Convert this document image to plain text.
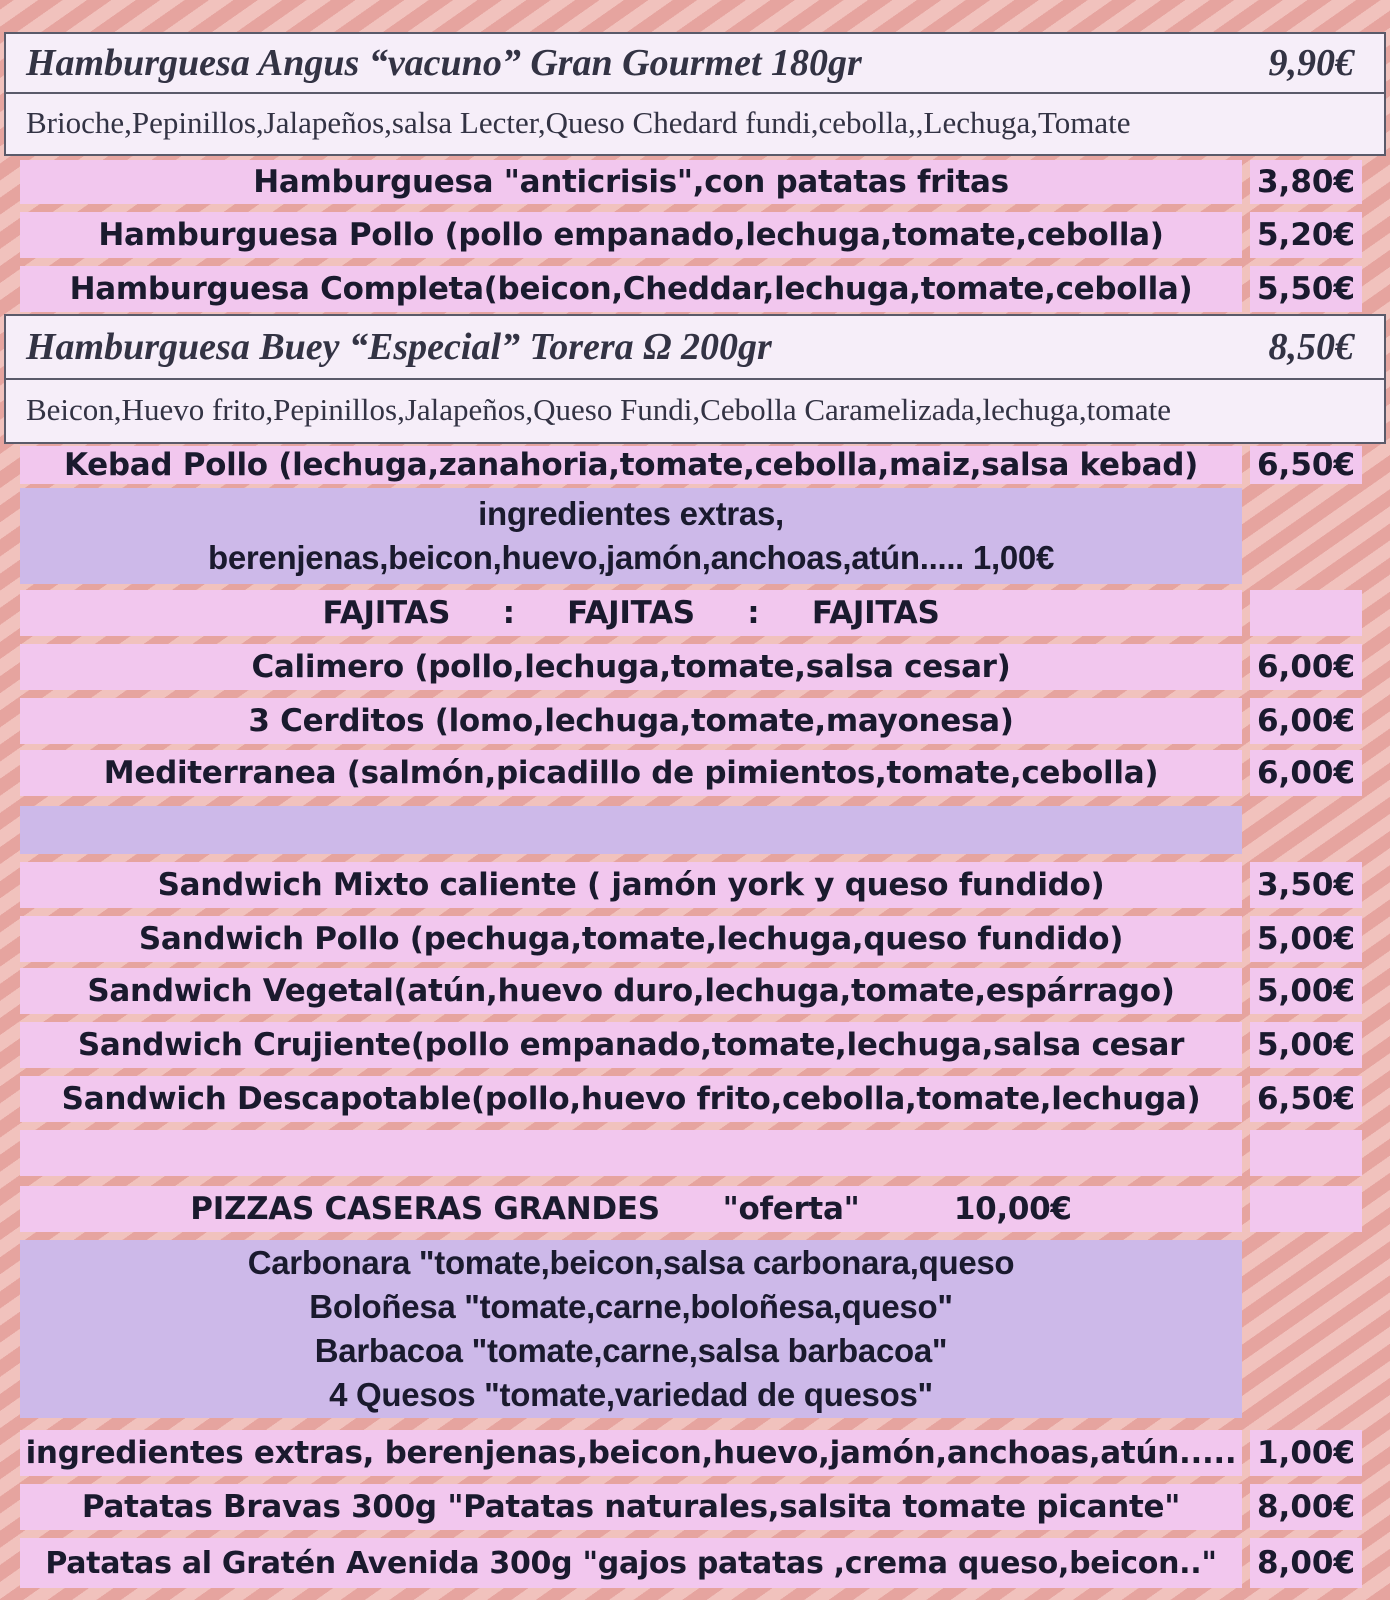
Hamburguesa Angus “vacuno” Gran Gourmet 180gr	9,90€
Brioche,Pepinillos,Jalapeños,salsa Lecter,Queso Chedard fundi,cebolla,,Lechuga,Tomate
Hamburguesa "anticrisis",con patatas fritas	3,80€
Hamburguesa Pollo (pollo empanado,lechuga,tomate,cebolla)	5,20€
Hamburguesa Completa(beicon,Cheddar,lechuga,tomate,cebolla)	5,50€
Hamburguesa Buey “Especial” Torera Ω 200gr	8,50€
Beicon,Huevo frito,Pepinillos,Jalapeños,Queso Fundi,Cebolla Caramelizada,lechuga,tomate
Kebad Pollo (lechuga,zanahoria,tomate,cebolla,maiz,salsa kebad)	6,50€
ingredientes extras,
berenjenas,beicon,huevo,jamón,anchoas,atún..... 1,00€
FAJITAS     :     FAJITAS     :     FAJITAS
Calimero (pollo,lechuga,tomate,salsa cesar)	6,00€
3 Cerditos (lomo,lechuga,tomate,mayonesa)	6,00€
Mediterranea (salmón,picadillo de pimientos,tomate,cebolla)	6,00€
Sandwich Mixto caliente ( jamón york y queso fundido)	3,50€
Sandwich Pollo (pechuga,tomate,lechuga,queso fundido)	5,00€
Sandwich Vegetal(atún,huevo duro,lechuga,tomate,espárrago)	5,00€
Sandwich Crujiente(pollo empanado,tomate,lechuga,salsa cesar	5,00€
Sandwich Descapotable(pollo,huevo frito,cebolla,tomate,lechuga)	6,50€
PIZZAS CASERAS GRANDES      "oferta"         10,00€
Carbonara "tomate,beicon,salsa carbonara,queso
Boloñesa "tomate,carne,boloñesa,queso"
Barbacoa "tomate,carne,salsa barbacoa"
4 Quesos "tomate,variedad de quesos"
ingredientes extras, berenjenas,beicon,huevo,jamón,anchoas,atún..... 1,00€
Patatas Bravas 300g "Patatas naturales,salsita tomate picante"	8,00€
Patatas al Gratén Avenida 300g "gajos patatas ,crema queso,beicon.."	8,00€
